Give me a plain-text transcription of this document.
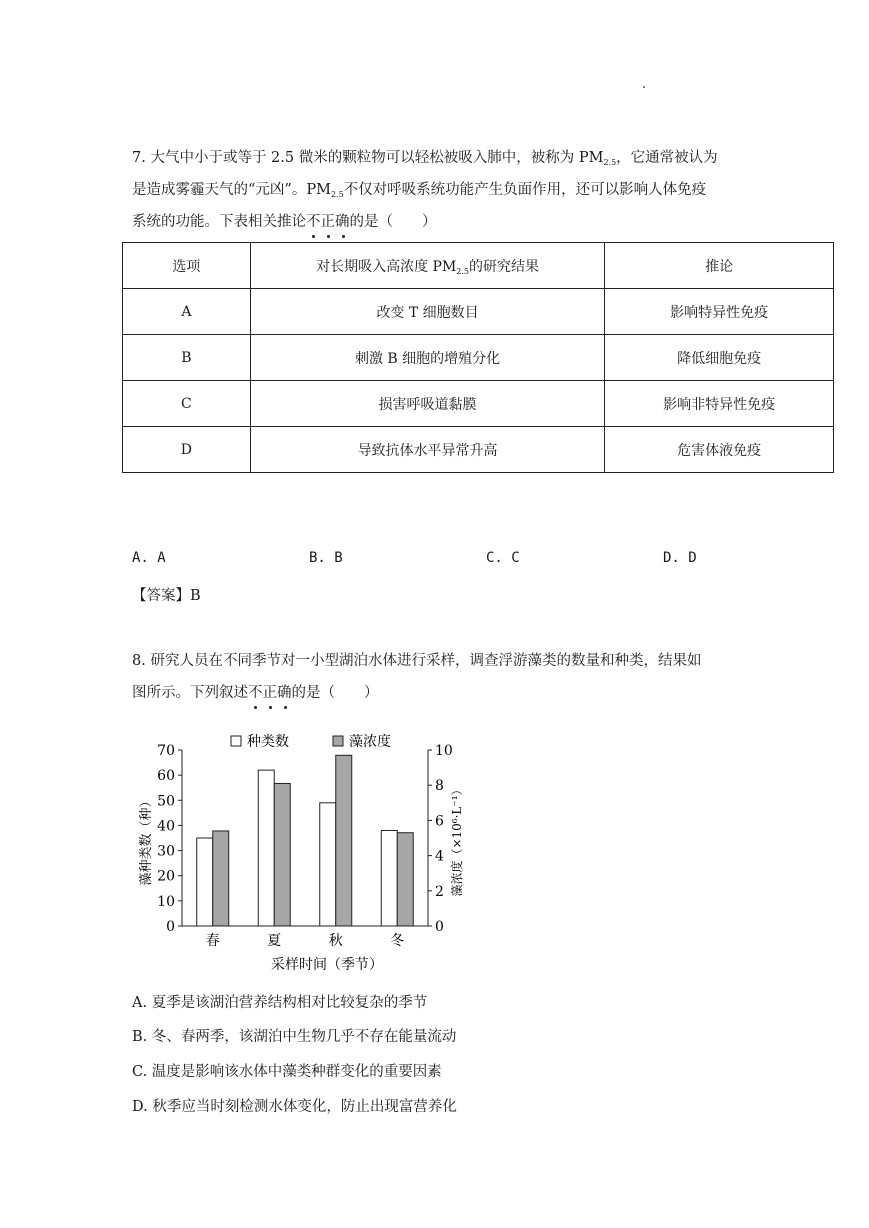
7. 大气中小于或等于 2.5 微米的颗粒物可以轻松被吸入肺中，被称为 $PM_{2.5}$，它通常被认为
是造成雾霾天气的“元凶”。$PM_{2.5}$不仅对呼吸系统功能产生负面作用，还可以影响人体免疫
系统的功能。下表相关推论不正确
的是（　　）
选项	对长期吸入高浓度 $PM_{2.5}$的研究结果	推论
A	改变 T 细胞数目	影响特异性免疫
B	刺激 B 细胞的增殖分化	降低细胞免疫
C	损害呼吸道黏膜	影响非特异性免疫
D	导致抗体水平异常升高	危害体液免疫
A. A	B. B	C. C	D. D
【答案】B
8. 研究人员在不同季节对一小型湖泊水体进行采样，调查浮游藻类的数量和种类，结果如
图所示。下列叙述不正确
的是（　　）
种类数	藻浓度
0
10
20
30
40
50
60
70
0
2
4
6
8
10
春	夏	秋	冬
采样时间（季节）
藻种类数（种）	藻浓度（×10⁶·L⁻¹）
A. 夏季是该湖泊营养结构相对比较复杂的季节
B. 冬、春两季，该湖泊中生物几乎不存在能量流动
C. 温度是影响该水体中藻类种群变化的重要因素
D. 秋季应当时刻检测水体变化，防止出现富营养化
